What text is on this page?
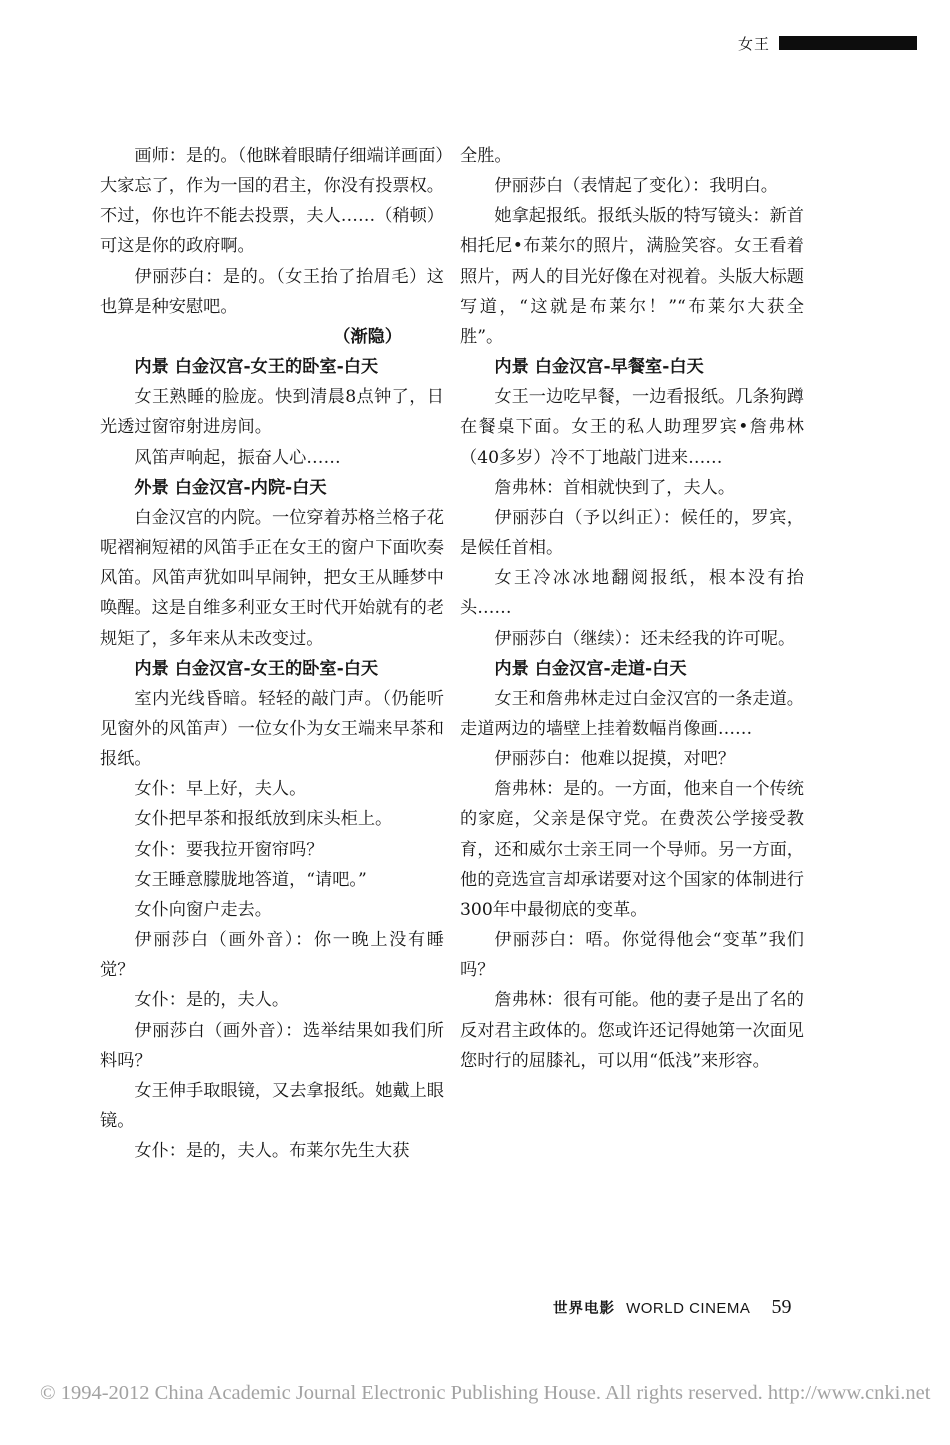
女王

画师：是的。（他眯着眼睛仔细端详画面）大家忘了，作为一国的君主，你没有投票权。不过，你也许不能去投票，夫人……（稍顿）可这是你的政府啊。

伊丽莎白：是的。（女王抬了抬眉毛）这也算是种安慰吧。

（渐隐）

内景 白金汉宫-女王的卧室-白天

女王熟睡的脸庞。快到清晨8点钟了，日光透过窗帘射进房间。

风笛声响起，振奋人心……

外景 白金汉宫-内院-白天

白金汉宫的内院。一位穿着苏格兰格子花呢褶裥短裙的风笛手正在女王的窗户下面吹奏风笛。风笛声犹如叫早闹钟，把女王从睡梦中唤醒。这是自维多利亚女王时代开始就有的老规矩了，多年来从未改变过。

内景 白金汉宫-女王的卧室-白天

室内光线昏暗。轻轻的敲门声。（仍能听见窗外的风笛声）一位女仆为女王端来早茶和报纸。

女仆：早上好，夫人。

女仆把早茶和报纸放到床头柜上。

女仆：要我拉开窗帘吗？

女王睡意朦胧地答道，“请吧。”

女仆向窗户走去。

伊丽莎白（画外音）：你一晚上没有睡觉？

女仆：是的，夫人。

伊丽莎白（画外音）：选举结果如我们所料吗？

女王伸手取眼镜，又去拿报纸。她戴上眼镜。

女仆：是的，夫人。布莱尔先生大获

全胜。

伊丽莎白（表情起了变化）：我明白。

她拿起报纸。报纸头版的特写镜头：新首相托尼•布莱尔的照片，满脸笑容。女王看着照片，两人的目光好像在对视着。头版大标题写道，“这就是布莱尔！”“布莱尔大获全胜”。

内景 白金汉宫-早餐室-白天

女王一边吃早餐，一边看报纸。几条狗蹲在餐桌下面。女王的私人助理罗宾•詹弗林（40多岁）冷不丁地敲门进来……

詹弗林：首相就快到了，夫人。

伊丽莎白（予以纠正）：候任的，罗宾，是候任首相。

女王冷冰冰地翻阅报纸，根本没有抬头……

伊丽莎白（继续）：还未经我的许可呢。

内景 白金汉宫-走道-白天

女王和詹弗林走过白金汉宫的一条走道。走道两边的墙壁上挂着数幅肖像画……

伊丽莎白：他难以捉摸，对吧？

詹弗林：是的。一方面，他来自一个传统的家庭，父亲是保守党。在费茨公学接受教育，还和威尔士亲王同一个导师。另一方面，他的竞选宣言却承诺要对这个国家的体制进行300年中最彻底的变革。

伊丽莎白：唔。你觉得他会“变革”我们吗？

詹弗林：很有可能。他的妻子是出了名的反对君主政体的。您或许还记得她第一次面见您时行的屈膝礼，可以用“低浅”来形容。

世界电影 WORLD CINEMA 59
© 1994-2012 China Academic Journal Electronic Publishing House. All rights reserved. http://www.cnki.net
